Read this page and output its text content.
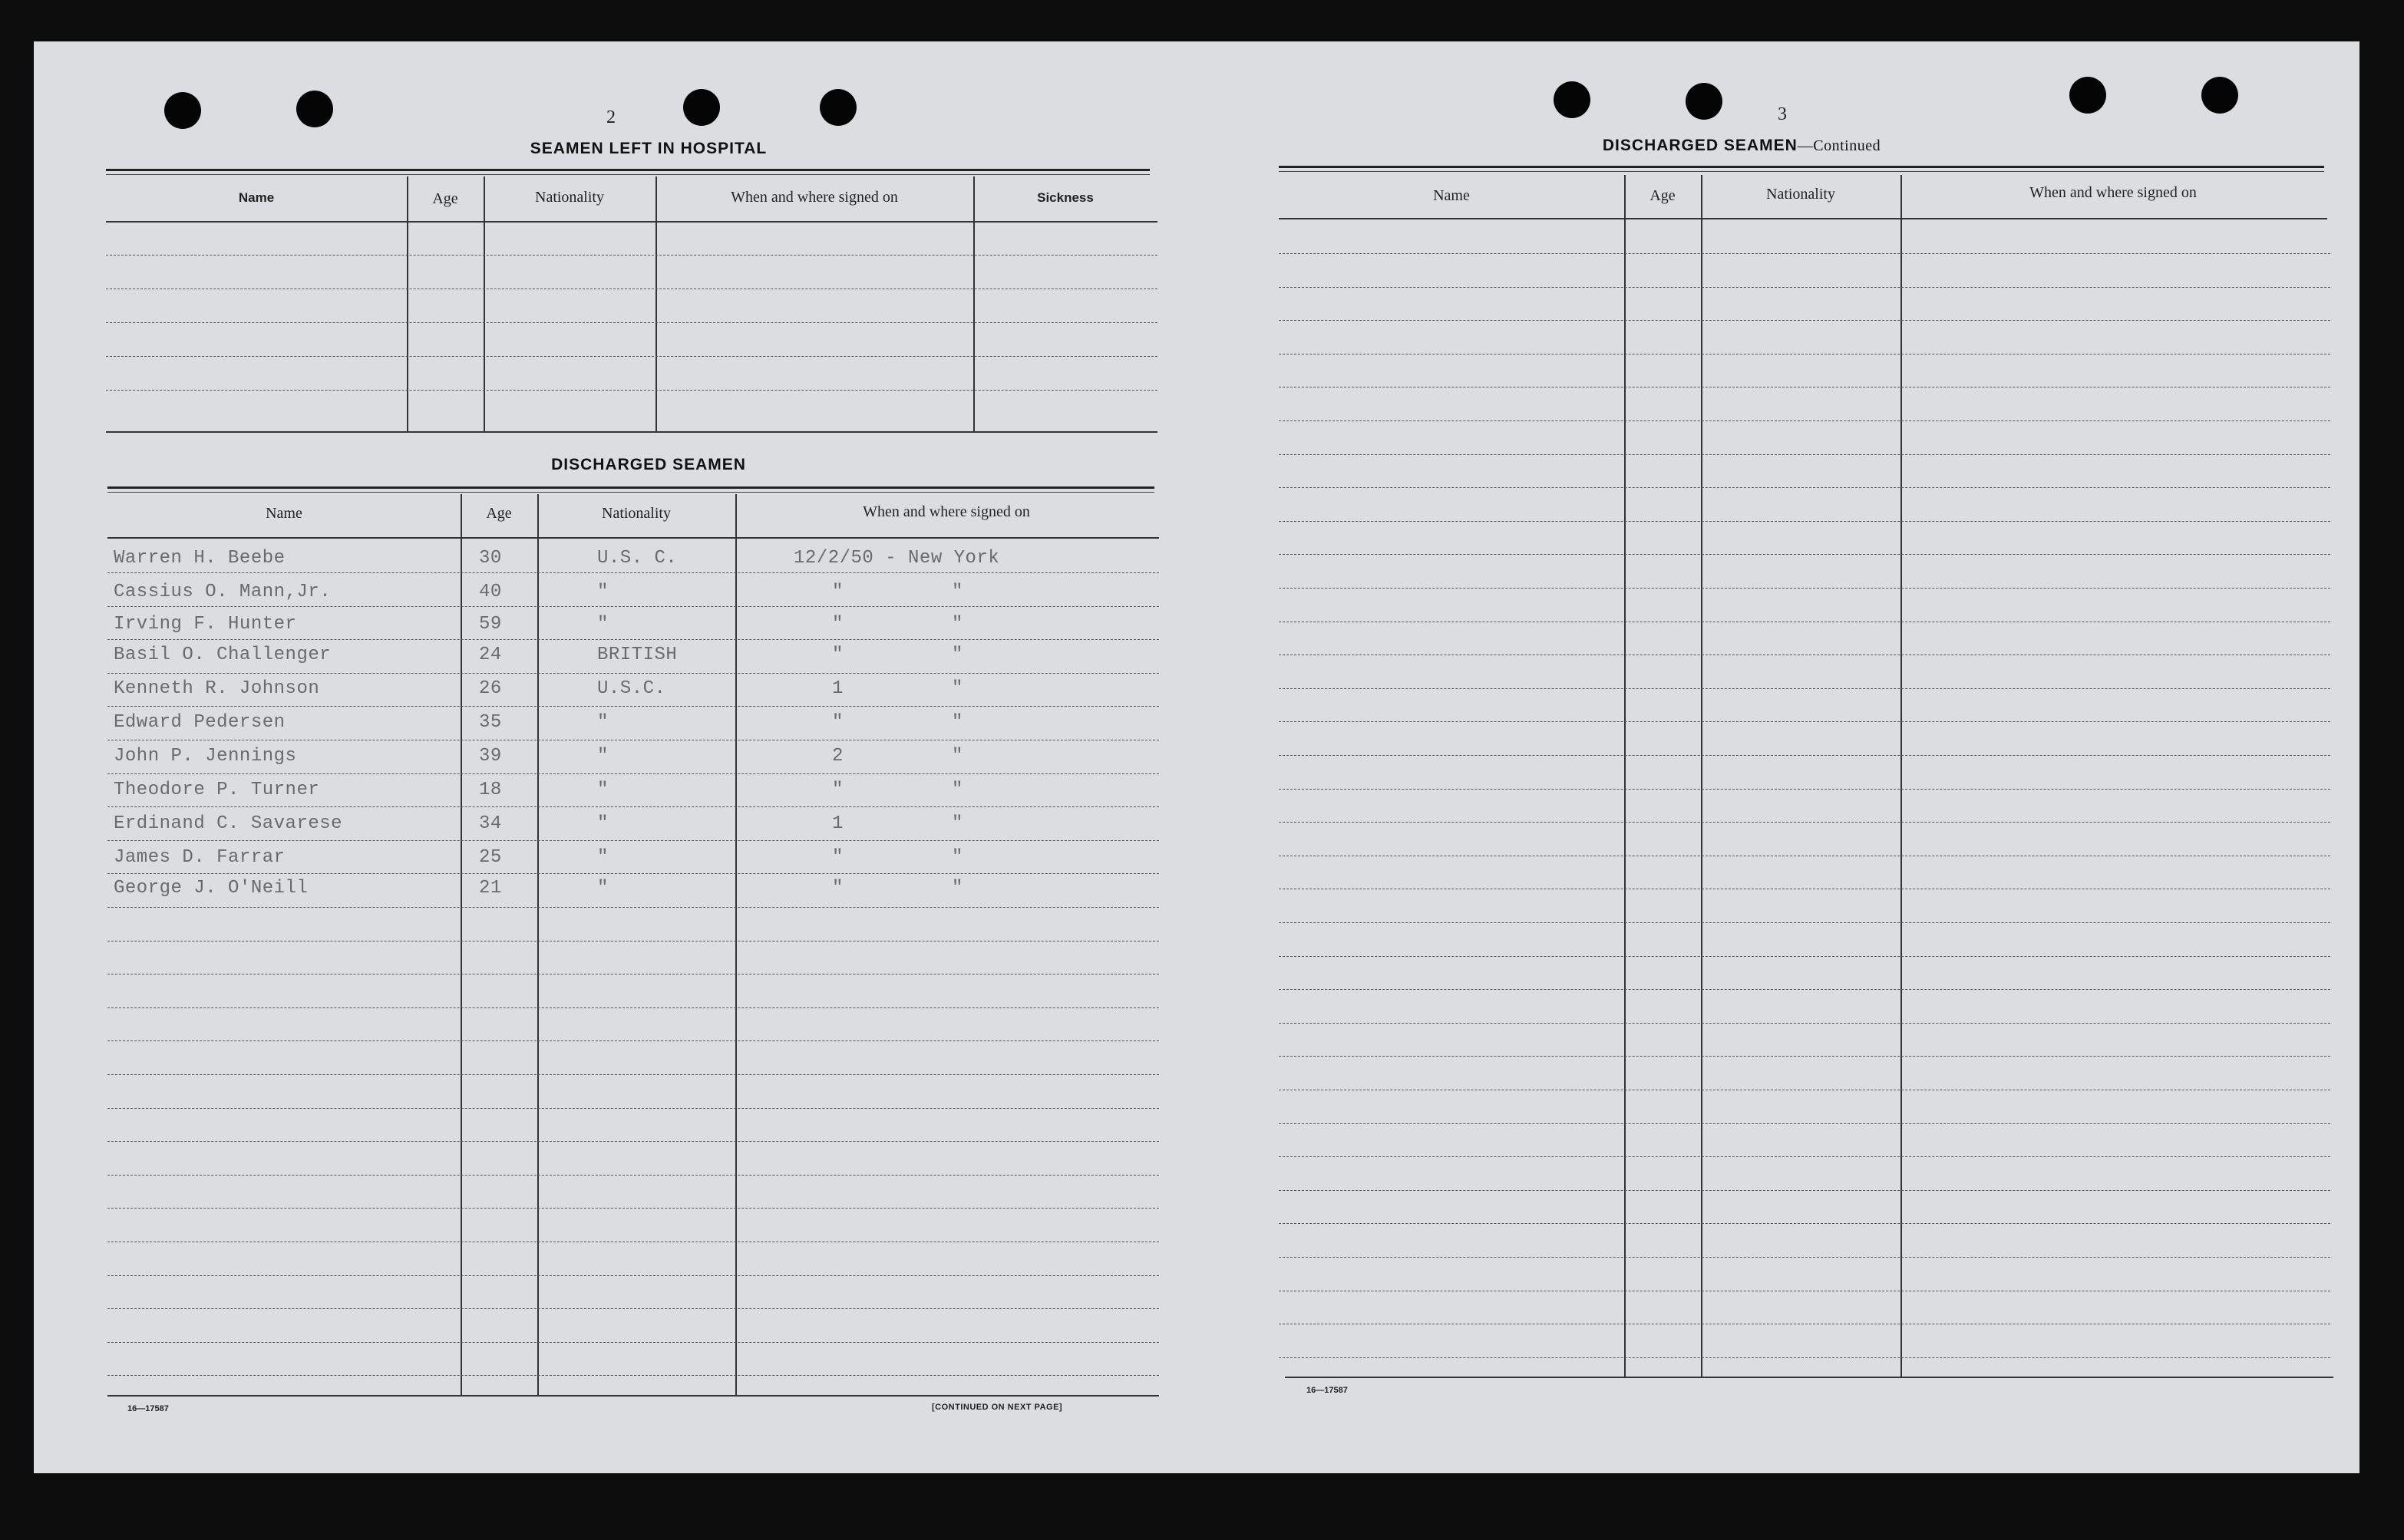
2
SEAMEN LEFT IN HOSPITAL
Name	Age	Nationality	When and where signed on	Sickness
DISCHARGED SEAMEN
Name	Age	Nationality	When and where signed on
Warren H. Beebe	30	U.S. C.	12/2/50 - New York
Cassius O. Mann,Jr.	40	"	"	"
Irving F. Hunter	59	"	"	"
Basil O. Challenger	24	BRITISH	"	"
Kenneth R. Johnson	26	U.S.C.	1	"
Edward Pedersen	35	"	"	"
John P. Jennings	39	"	2	"
Theodore P. Turner	18	"	"	"
Erdinand C. Savarese	34	"	1	"
James D. Farrar	25	"	"	"
George J. O'Neill	21	"	"	"
16—17587	[CONTINUED ON NEXT PAGE]
3
DISCHARGED SEAMEN—Continued
Name	Age	Nationality	When and where signed on
16—17587
